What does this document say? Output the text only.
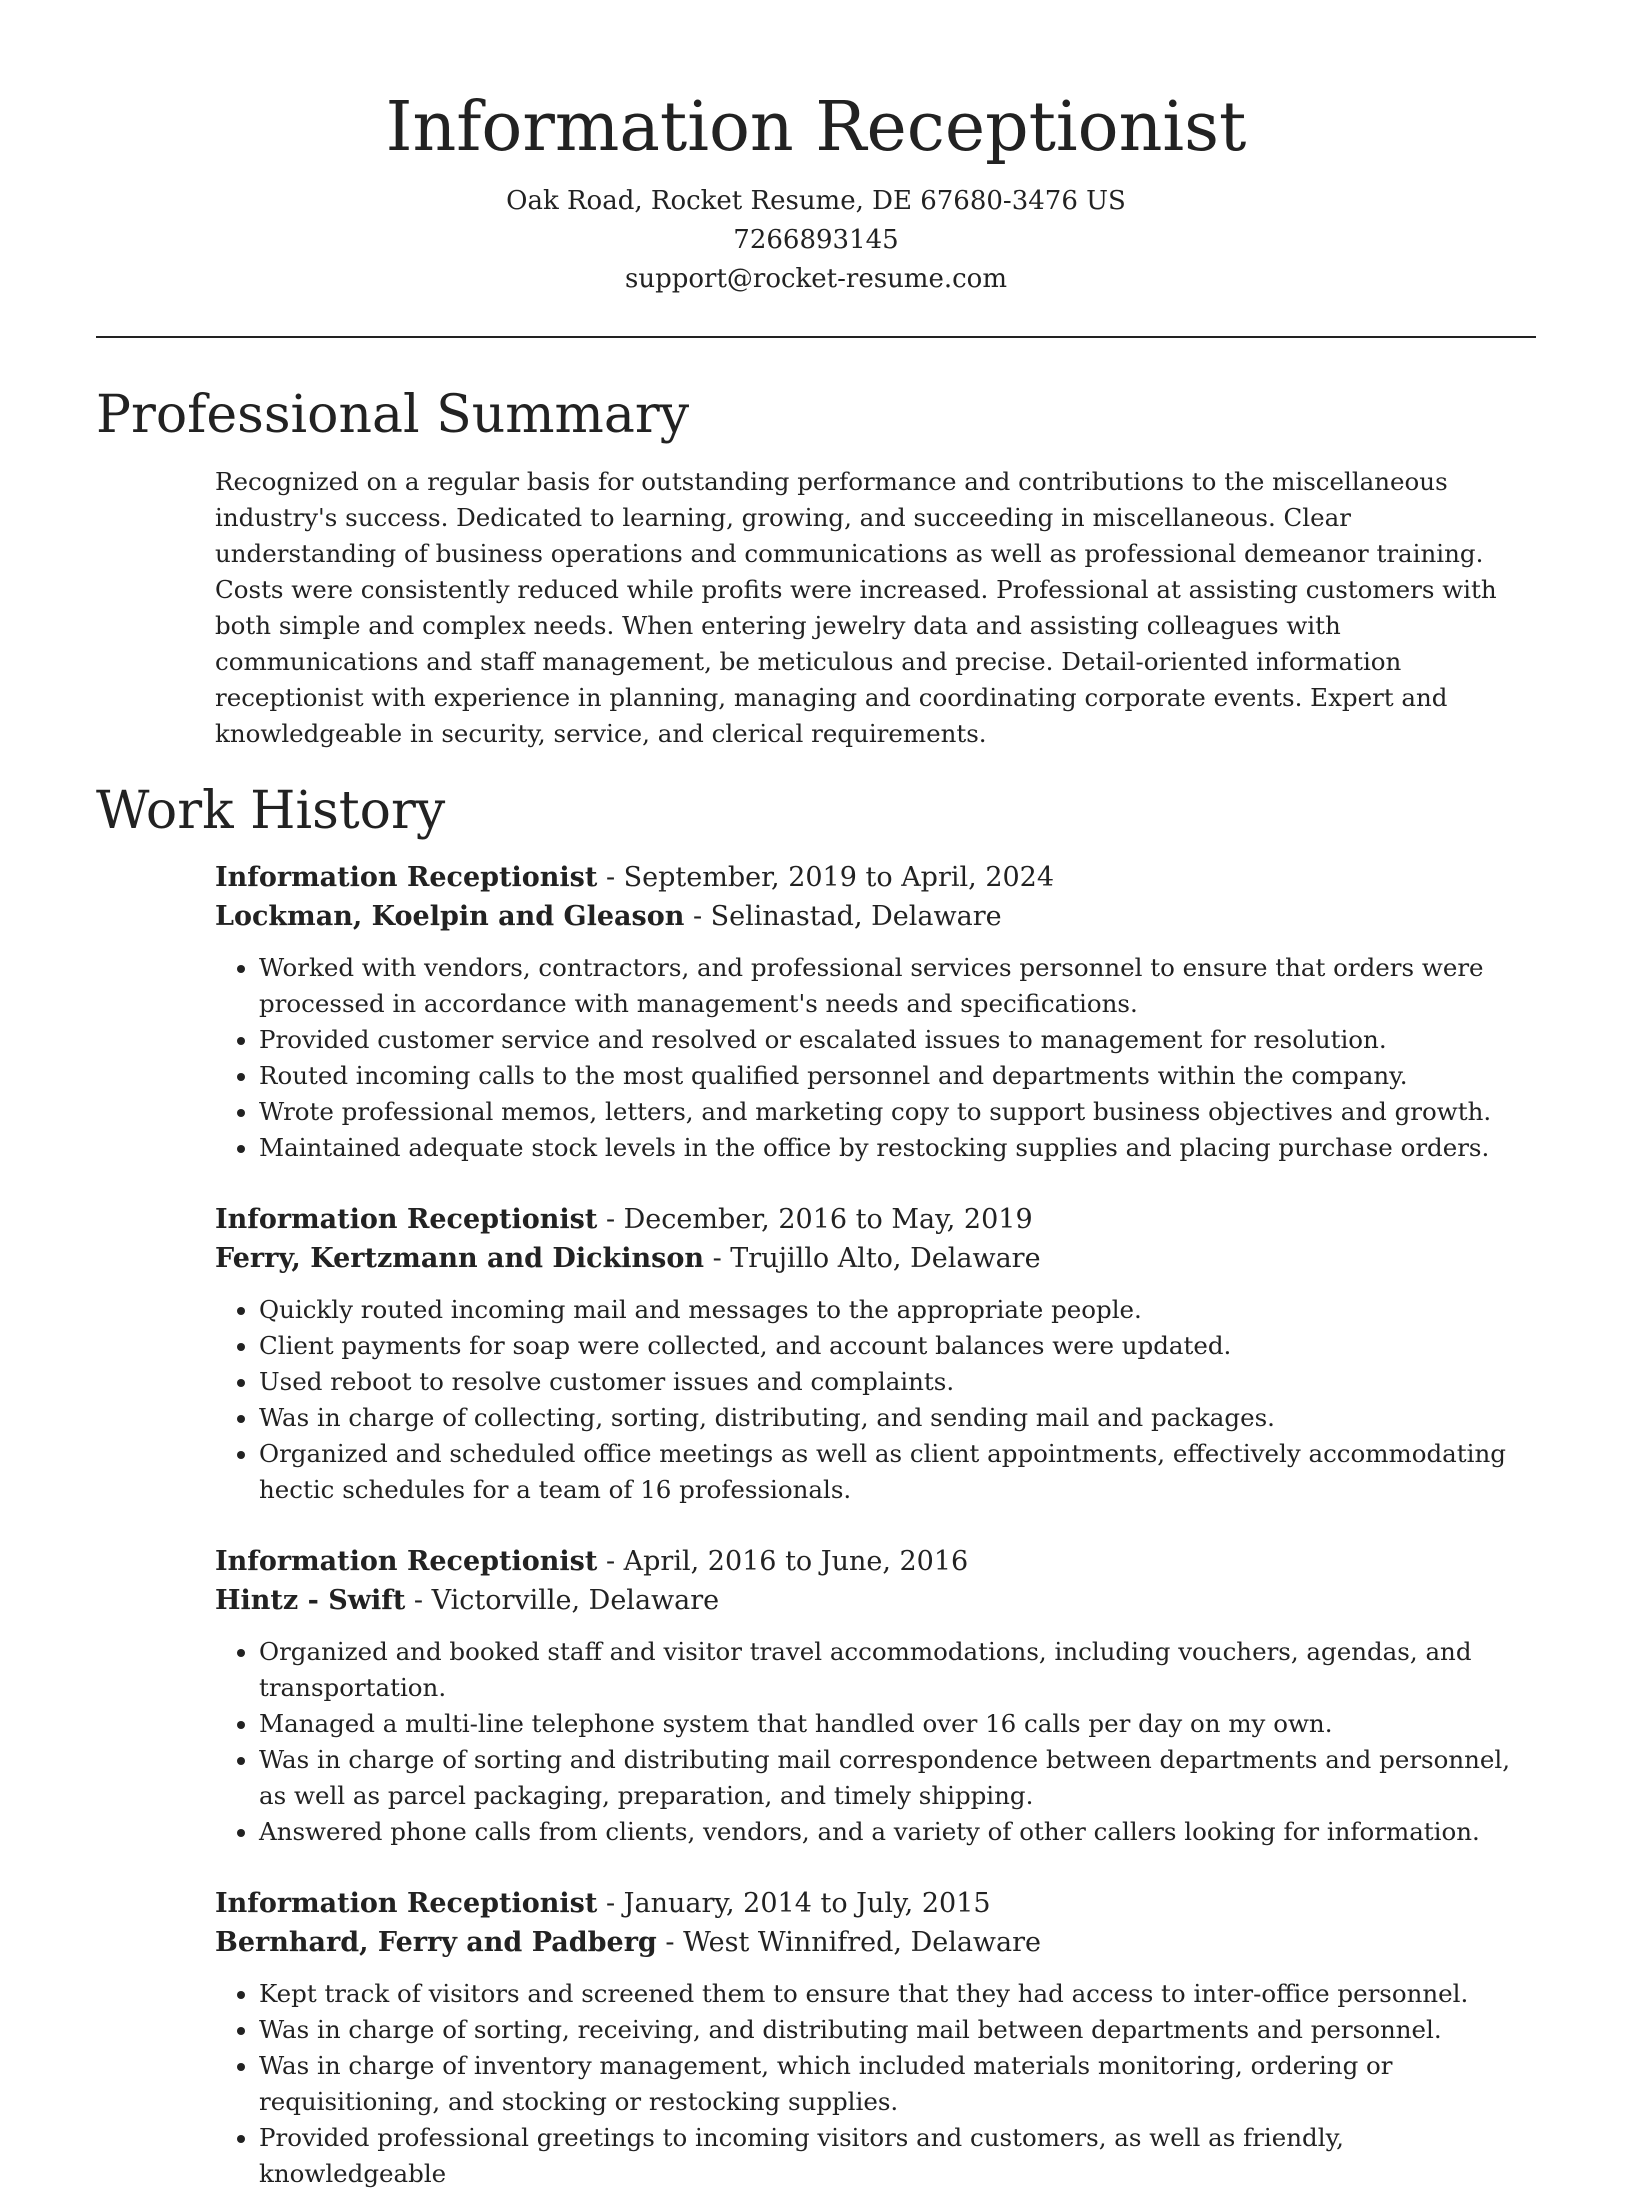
Information Receptionist

Oak Road, Rocket Resume, DE 67680-3476 US

7266893145

support@rocket-resume.com

Professional Summary

Recognized on a regular basis for outstanding performance and contributions to the miscellaneous industry's success. Dedicated to learning, growing, and succeeding in miscellaneous. Clear understanding of business operations and communications as well as professional demeanor training. Costs were consistently reduced while profits were increased. Professional at assisting customers with both simple and complex needs. When entering jewelry data and assisting colleagues with communications and staff management, be meticulous and precise. Detail-oriented information receptionist with experience in planning, managing and coordinating corporate events. Expert and knowledgeable in security, service, and clerical requirements.

Work History

Information Receptionist - September, 2019 to April, 2024

Lockman, Koelpin and Gleason - Selinastad, Delaware

• Worked with vendors, contractors, and professional services personnel to ensure that orders were processed in accordance with management's needs and specifications.
• Provided customer service and resolved or escalated issues to management for resolution.
• Routed incoming calls to the most qualified personnel and departments within the company.
• Wrote professional memos, letters, and marketing copy to support business objectives and growth.
• Maintained adequate stock levels in the office by restocking supplies and placing purchase orders.

Information Receptionist - December, 2016 to May, 2019

Ferry, Kertzmann and Dickinson - Trujillo Alto, Delaware

• Quickly routed incoming mail and messages to the appropriate people.
• Client payments for soap were collected, and account balances were updated.
• Used reboot to resolve customer issues and complaints.
• Was in charge of collecting, sorting, distributing, and sending mail and packages.
• Organized and scheduled office meetings as well as client appointments, effectively accommodating hectic schedules for a team of 16 professionals.

Information Receptionist - April, 2016 to June, 2016

Hintz - Swift - Victorville, Delaware

• Organized and booked staff and visitor travel accommodations, including vouchers, agendas, and transportation.
• Managed a multi-line telephone system that handled over 16 calls per day on my own.
• Was in charge of sorting and distributing mail correspondence between departments and personnel, as well as parcel packaging, preparation, and timely shipping.
• Answered phone calls from clients, vendors, and a variety of other callers looking for information.

Information Receptionist - January, 2014 to July, 2015

Bernhard, Ferry and Padberg - West Winnifred, Delaware

• Kept track of visitors and screened them to ensure that they had access to inter-office personnel.
• Was in charge of sorting, receiving, and distributing mail between departments and personnel.
• Was in charge of inventory management, which included materials monitoring, ordering or requisitioning, and stocking or restocking supplies.
• Provided professional greetings to incoming visitors and customers, as well as friendly, knowledgeable
